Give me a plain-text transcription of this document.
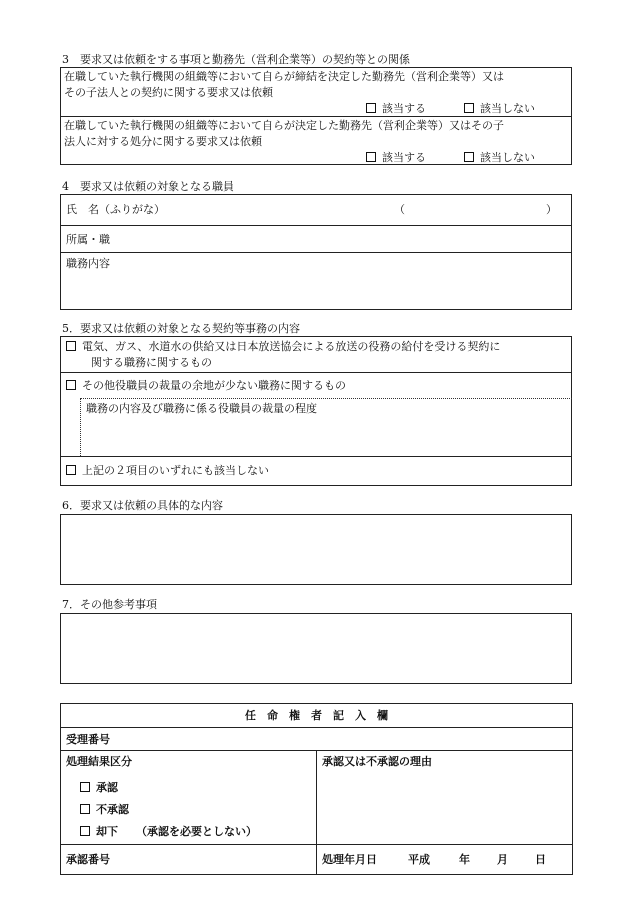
3　要求又は依頼をする事項と勤務先（営利企業等）の契約等との関係
在職していた執行機関の組織等において自らが締結を決定した勤務先（営利企業等）又は
その子法人との契約に関する要求又は依頼
該当する	該当しない
在職していた執行機関の組織等において自らが決定した勤務先（営利企業等）又はその子
法人に対する処分に関する要求又は依頼
該当する	該当しない
4　要求又は依頼の対象となる職員
氏　名（ふりがな）	（	）
所属・職
職務内容
5．要求又は依頼の対象となる契約等事務の内容
電気、ガス、水道水の供給又は日本放送協会による放送の役務の給付を受ける契約に
関する職務に関するもの
その他役職員の裁量の余地が少ない職務に関するもの
職務の内容及び職務に係る役職員の裁量の程度
上記の２項目のいずれにも該当しない
6．要求又は依頼の具体的な内容
7．その他参考事項
任　命　権　者　記　入　欄
受理番号
処理結果区分	承認又は不承認の理由
承認
不承認
却下 （承認を必要としない）
承認番号	処理年月日	平成	年 月 日
